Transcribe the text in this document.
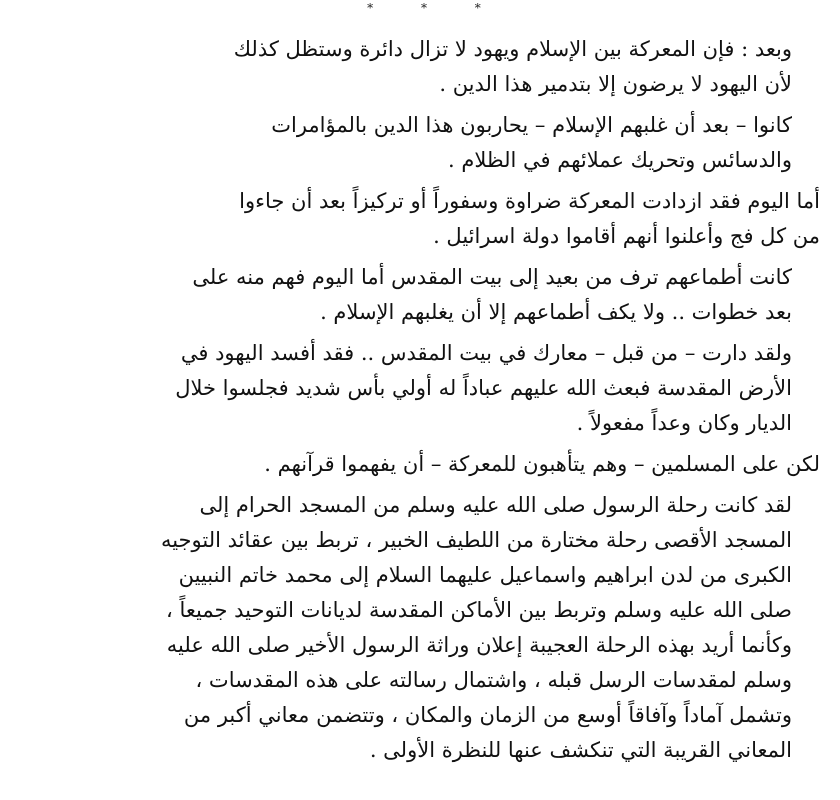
* * *

وبعد : فإن المعركة بين الإسلام ويهود لا تزال دائرة وستظل كذلك
لأن اليهود لا يرضون إلا بتدمير هذا الدين .

كانوا – بعد أن غلبهم الإسلام – يحاربون هذا الدين بالمؤامرات
والدسائس وتحريك عملائهم في الظلام .

أما اليوم فقد ازدادت المعركة ضراوة وسفوراً أو تركيزاً بعد أن جاءوا
من كل فج وأعلنوا أنهم أقاموا دولة اسرائيل .

كانت أطماعهم ترف من بعيد إلى بيت المقدس أما اليوم فهم منه على
بعد خطوات .. ولا يكف أطماعهم إلا أن يغلبهم الإسلام .

ولقد دارت – من قبل – معارك في بيت المقدس .. فقد أفسد اليهود في
الأرض المقدسة فبعث الله عليهم عباداً له أولي بأس شديد فجلسوا خلال
الديار وكان وعداً مفعولاً .

لكن على المسلمين – وهم يتأهبون للمعركة – أن يفهموا قرآنهم .

لقد كانت رحلة الرسول صلى الله عليه وسلم من المسجد الحرام إلى
المسجد الأقصى رحلة مختارة من اللطيف الخبير ، تربط بين عقائد التوجيه
الكبرى من لدن ابراهيم واسماعيل عليهما السلام إلى محمد خاتم النبيين
صلى الله عليه وسلم وتربط بين الأماكن المقدسة لديانات التوحيد جميعاً ،
وكأنما أريد بهذه الرحلة العجيبة إعلان وراثة الرسول الأخير صلى الله عليه
وسلم لمقدسات الرسل قبله ، واشتمال رسالته على هذه المقدسات ،
وتشمل آماداً وآفاقاً أوسع من الزمان والمكان ، وتتضمن معاني أكبر من
المعاني القريبة التي تنكشف عنها للنظرة الأولى .
